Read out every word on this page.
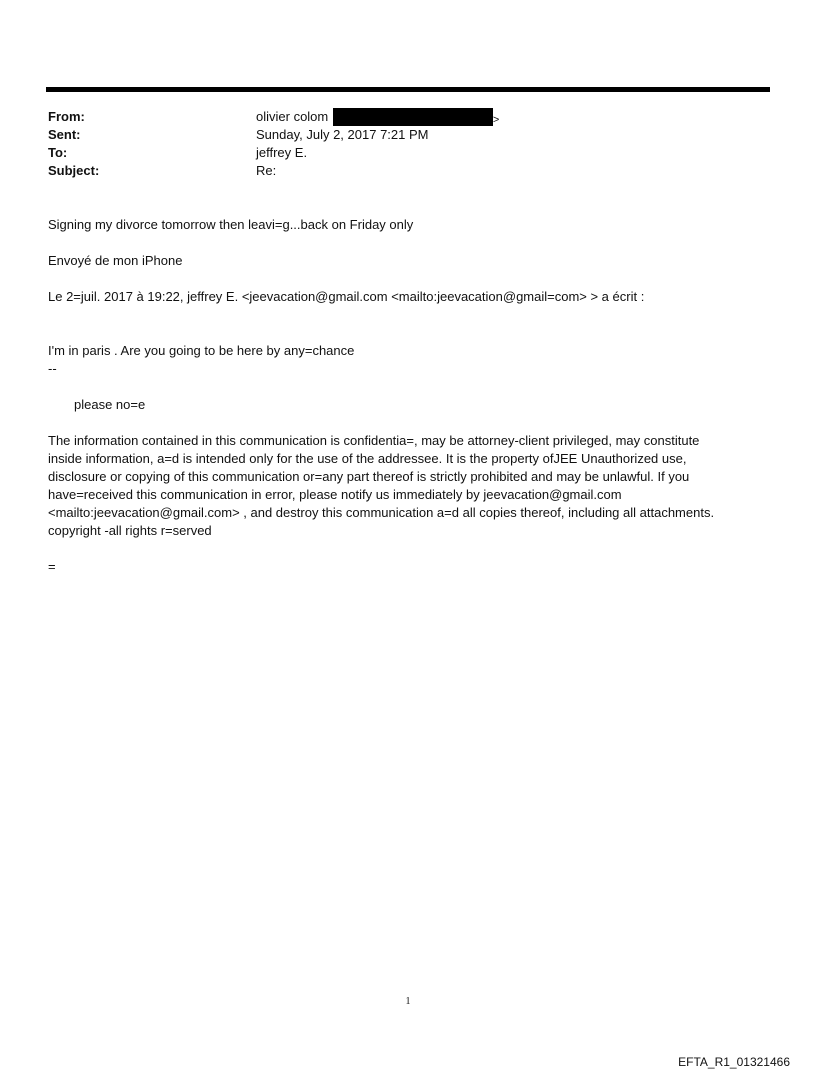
From:	olivier colom	>
Sent:	Sunday, July 2, 2017 7:21 PM
To:	jeffrey E.
Subject:	Re:

Signing my divorce tomorrow then leavi=g...back on Friday only

Envoyé de mon iPhone

Le 2=juil. 2017 à 19:22, jeffrey E. <jeevacation@gmail.com <mailto:jeevacation@gmail=com> > a écrit :

I'm in paris . Are you going to be here by any=chance

--

please no=e

The information contained in this communication is confidentia=, may be attorney-client privileged, may constitute

inside information, a=d is intended only for the use of the addressee. It is the property ofJEE Unauthorized use,

disclosure or copying of this communication or=any part thereof is strictly prohibited and may be unlawful. If you

have=received this communication in error, please notify us immediately by jeevacation@gmail.com

<mailto:jeevacation@gmail.com> , and destroy this communication a=d all copies thereof, including all attachments.

copyright -all rights r=served

=

1
EFTA_R1_01321466
